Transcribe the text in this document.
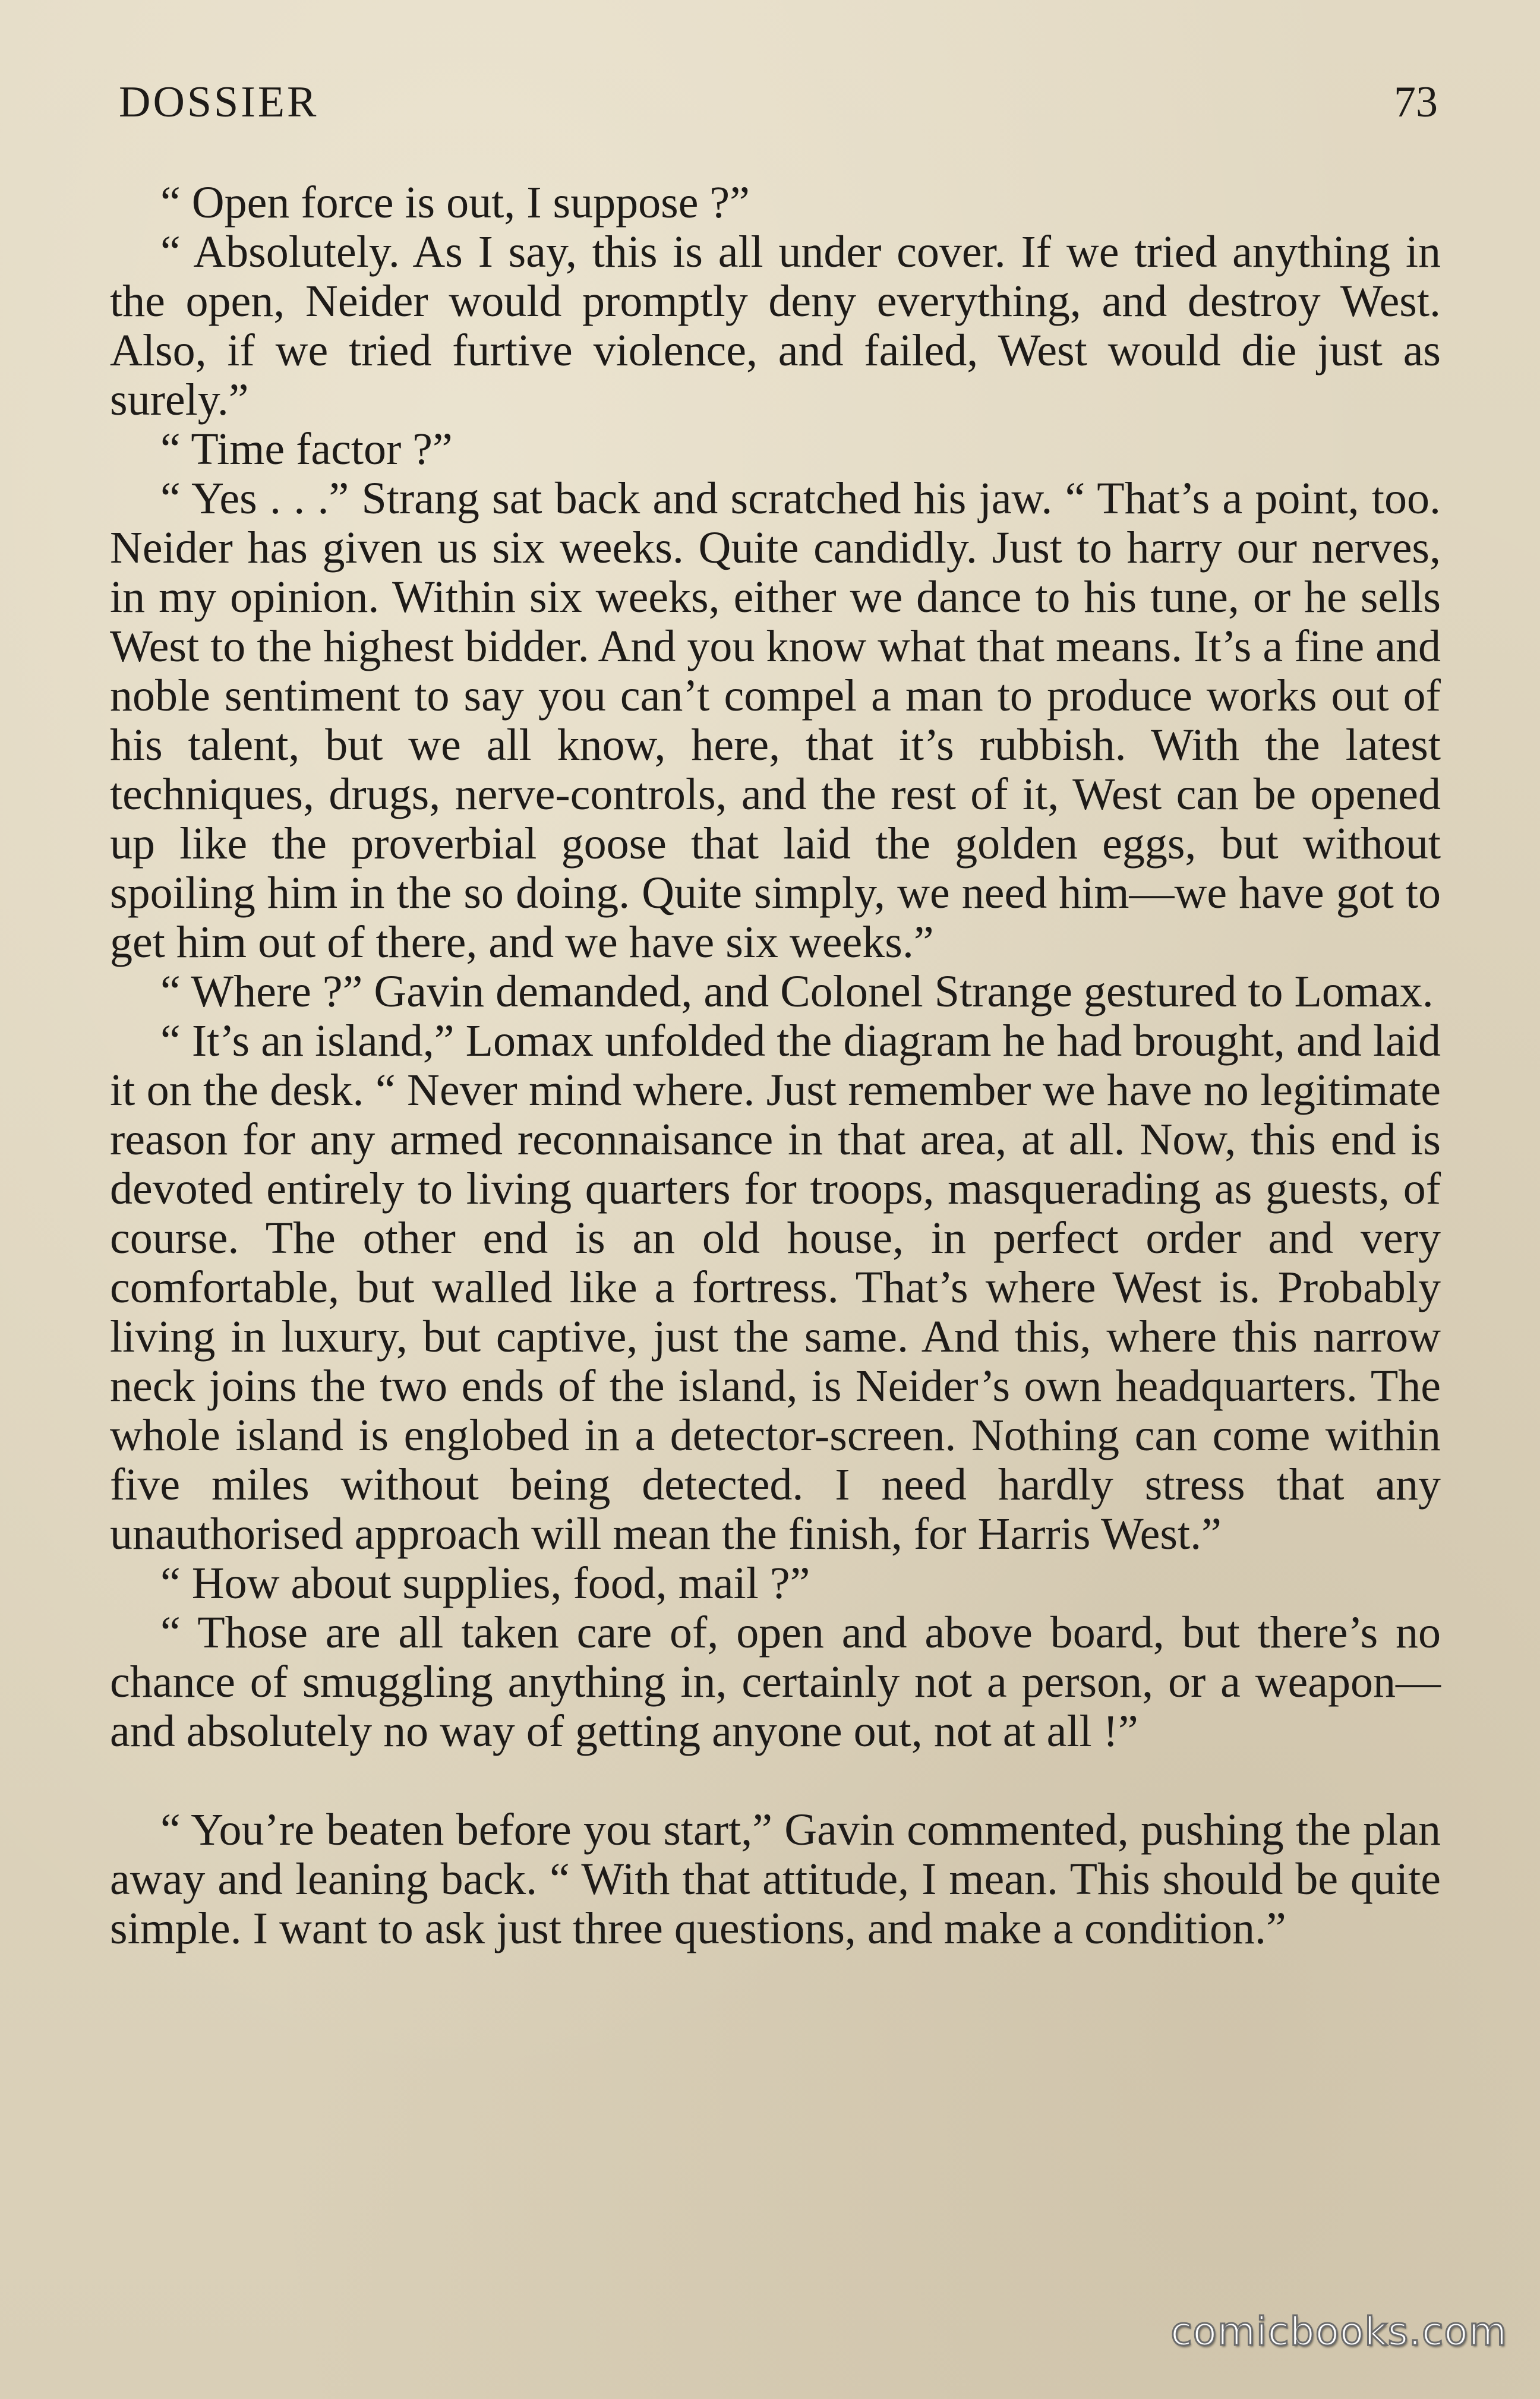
DOSSIER	73

“ Open force is out, I suppose ?”

“ Absolutely. As I say, this is all under cover. If we tried anything in the open, Neider would promptly deny everything, and destroy West. Also, if we tried furtive violence, and failed, West would die just as surely.”

“ Time factor ?”

“ Yes . . .” Strang sat back and scratched his jaw. “ That’s a point, too. Neider has given us six weeks. Quite candidly. Just to harry our nerves, in my opinion. Within six weeks, either we dance to his tune, or he sells West to the highest bidder. And you know what that means. It’s a fine and noble sentiment to say you can’t compel a man to produce works out of his talent, but we all know, here, that it’s rubbish. With the latest techniques, drugs, nerve-controls, and the rest of it, West can be opened up like the proverbial goose that laid the golden eggs, but without spoiling him in the so doing. Quite simply, we need him—we have got to get him out of there, and we have six weeks.”

“ Where ?” Gavin demanded, and Colonel Strange gestured to Lomax.

“ It’s an island,” Lomax unfolded the diagram he had brought, and laid it on the desk. “ Never mind where. Just remember we have no legitimate reason for any armed reconnaisance in that area, at all. Now, this end is devoted entirely to living quarters for troops, masquerading as guests, of course. The other end is an old house, in perfect order and very comfortable, but walled like a fortress. That’s where West is. Probably living in luxury, but captive, just the same. And this, where this narrow neck joins the two ends of the island, is Neider’s own headquarters. The whole island is englobed in a detector-screen. Nothing can come within five miles without being detected. I need hardly stress that any unauthorised approach will mean the finish, for Harris West.”

“ How about supplies, food, mail ?”

“ Those are all taken care of, open and above board, but there’s no chance of smuggling anything in, certainly not a person, or a weapon—and absolutely no way of getting anyone out, not at all !”

“ You’re beaten before you start,” Gavin commented, pushing the plan away and leaning back. “ With that attitude, I mean. This should be quite simple. I want to ask just three questions, and make a condition.”

comicbooks.com
